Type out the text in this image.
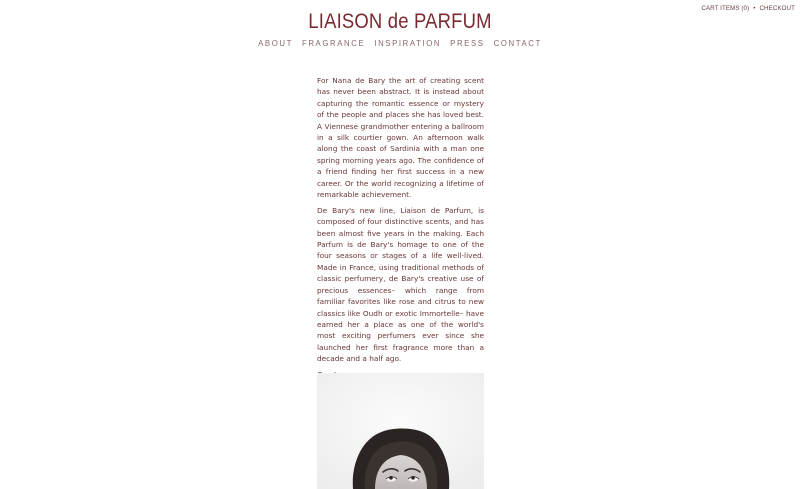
CART ITEMS (0) • CHECKOUT
LIAISON de PARFUM
ABOUT FRAGRANCE INSPIRATION PRESS CONTACT

For Nana de Bary the art of creating scent has never been abstract. It is instead about capturing the romantic essence or mystery of the people and places she has loved best. A Viennese grandmother entering a ballroom in a silk courtier gown. An afternoon walk along the coast of Sardinia with a man one spring morning years ago. The confidence of a friend finding her first success in a new career. Or the world recognizing a lifetime of remarkable achievement.

De Bary's new line, Liaison de Parfum, is composed of four distinctive scents, and has been almost five years in the making. Each Parfum is de Bary's homage to one of the four seasons or stages of a life well-lived. Made in France, using traditional methods of classic perfumery, de Bary's creative use of precious essences– which range from familiar favorites like rose and citrus to new classics like Oudh or exotic Immortelle– have earned her a place as one of the world's most exciting perfumers ever since she launched her first fragrance more than a decade and a half ago.
